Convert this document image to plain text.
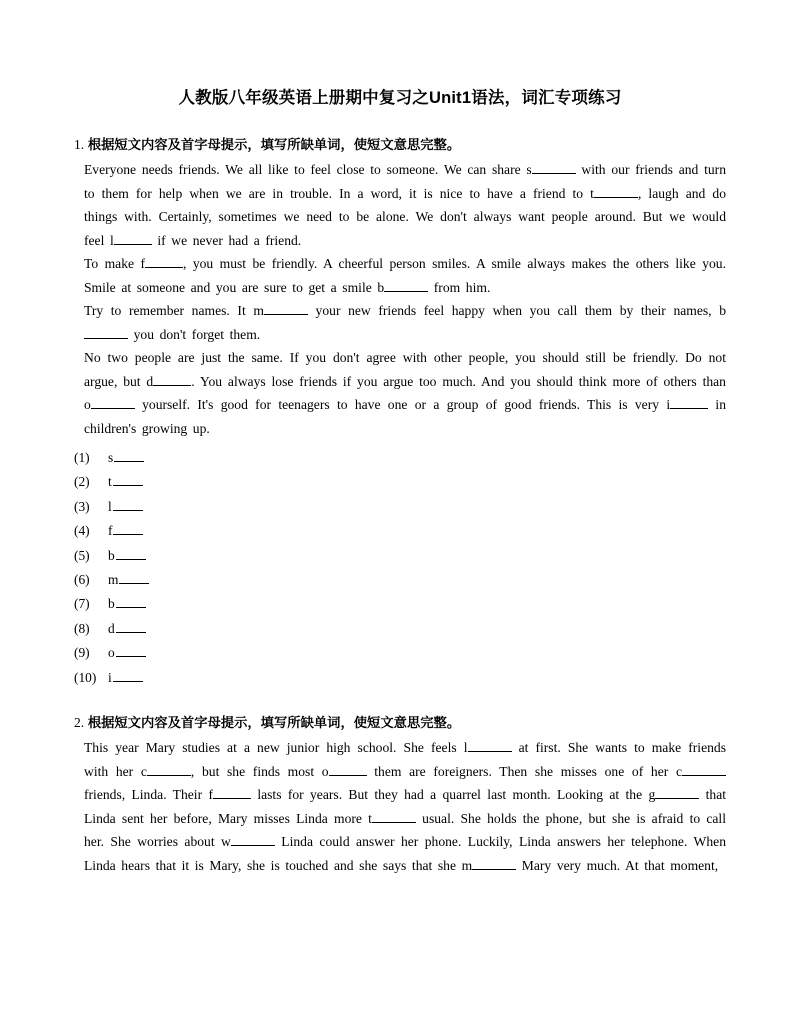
人教版八年级英语上册期中复习之Unit1语法，词汇专项练习

1. 根据短文内容及首字母提示，填写所缺单词，使短文意思完整。

Everyone needs friends. We all like to feel close to someone. We can share s	with our friends and turn to them for help when we are in trouble. In a word, it is nice to have a friend to t	, laugh and do things with. Certainly, sometimes we need to be alone. We don't always want people around. But we would feel l	if we never had a friend.

To make f	, you must be friendly. A cheerful person smiles. A smile always makes the others like you. Smile at someone and you are sure to get a smile b	from him.

Try to remember names. It m	your new friends feel happy when you call them by their names, b you don't forget them.

No two people are just the same. If you don't agree with other people, you should still be friendly. Do not argue, but d	. You always lose friends if you argue too much. And you should think more of others than o	yourself. It's good for teenagers to have one or a group of good friends. This is very i	in children's growing up.

(1)	s
(2)	t
(3)	l
(4)	f
(5)	b
(6)	m
(7)	b
(8)	d
(9)	o
(10) i

2. 根据短文内容及首字母提示，填写所缺单词，使短文意思完整。

This year Mary studies at a new junior high school. She feels l	at first. She wants to make friends with her c	, but she finds most o	them are foreigners. Then she misses one of her c friends, Linda. Their f	lasts for years. But they had a quarrel last month. Looking at the g	that Linda sent her before, Mary misses Linda more t	usual. She holds the phone, but she is afraid to call her. She worries about w	Linda could answer her phone. Luckily, Linda answers her telephone. When Linda hears that it is Mary, she is touched and she says that she m	Mary very much. At that moment,
